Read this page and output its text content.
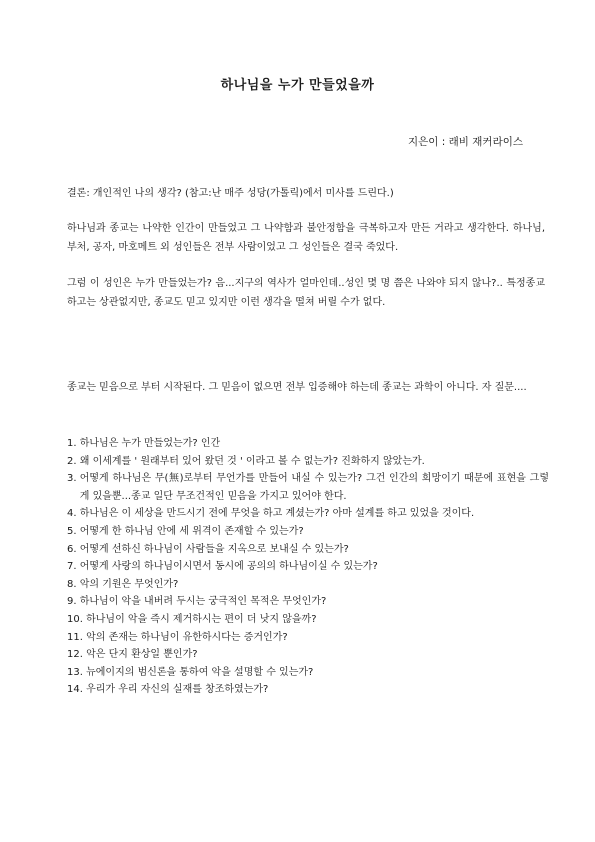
하나님을 누가 만들었을까
지은이 : 래비 재커라이스
결론: 개인적인 나의 생각? (참고:난 매주 성당(가톨릭)에서 미사를 드린다.)
하나님과 종교는 나약한 인간이 만들었고 그 나약함과 불안정함을 극복하고자 만든 거라고 생각한다. 하나님, 부처, 공자, 마호메트 외 성인들은 전부 사람이었고 그 성인들은 결국 죽었다.
그럼 이 성인은 누가 만들었는가? 음...지구의 역사가 얼마인데..성인 몇 명 쯤은 나와야 되지 않나?.. 특정종교하고는 상관없지만, 종교도 믿고 있지만 이런 생각을 떨쳐 버릴 수가 없다.
종교는 믿음으로 부터 시작된다. 그 믿음이 없으면 전부 입증해야 하는데 종교는 과학이 아니다. 자 질문....
1. 하나님은 누가 만들었는가? 인간
2. 왜 이세계를 ' 원래부터 있어 왔던 것 ' 이라고 볼 수 없는가? 진화하지 않았는가.
3. 어떻게 하나님은 무(無)로부터 무언가를 만들어 내실 수 있는가? 그건 인간의 희망이기 때문에 표현을 그렇게 있을뿐...종교 일단 무조건적인 믿음을 가지고 있어야 한다.
4. 하나님은 이 세상을 만드시기 전에 무엇을 하고 계셨는가? 아마 설계를 하고 있었을 것이다.
5. 어떻게 한 하나님 안에 세 위격이 존재할 수 있는가?
6. 어떻게 선하신 하나님이 사람들을 지옥으로 보내실 수 있는가?
7. 어떻게 사랑의 하나님이시면서 동시에 공의의 하나님이실 수 있는가?
8. 악의 기원은 무엇인가?
9. 하나님이 악을 내버려 두시는 궁극적인 목적은 무엇인가?
10. 하나님이 악을 즉시 제거하시는 편이 더 낫지 않을까?
11. 악의 존재는 하나님이 유한하시다는 증거인가?
12. 악은 단지 환상일 뿐인가?
13. 뉴에이지의 범신론을 통하여 악을 설명할 수 있는가?
14. 우리가 우리 자신의 실재를 창조하였는가?
